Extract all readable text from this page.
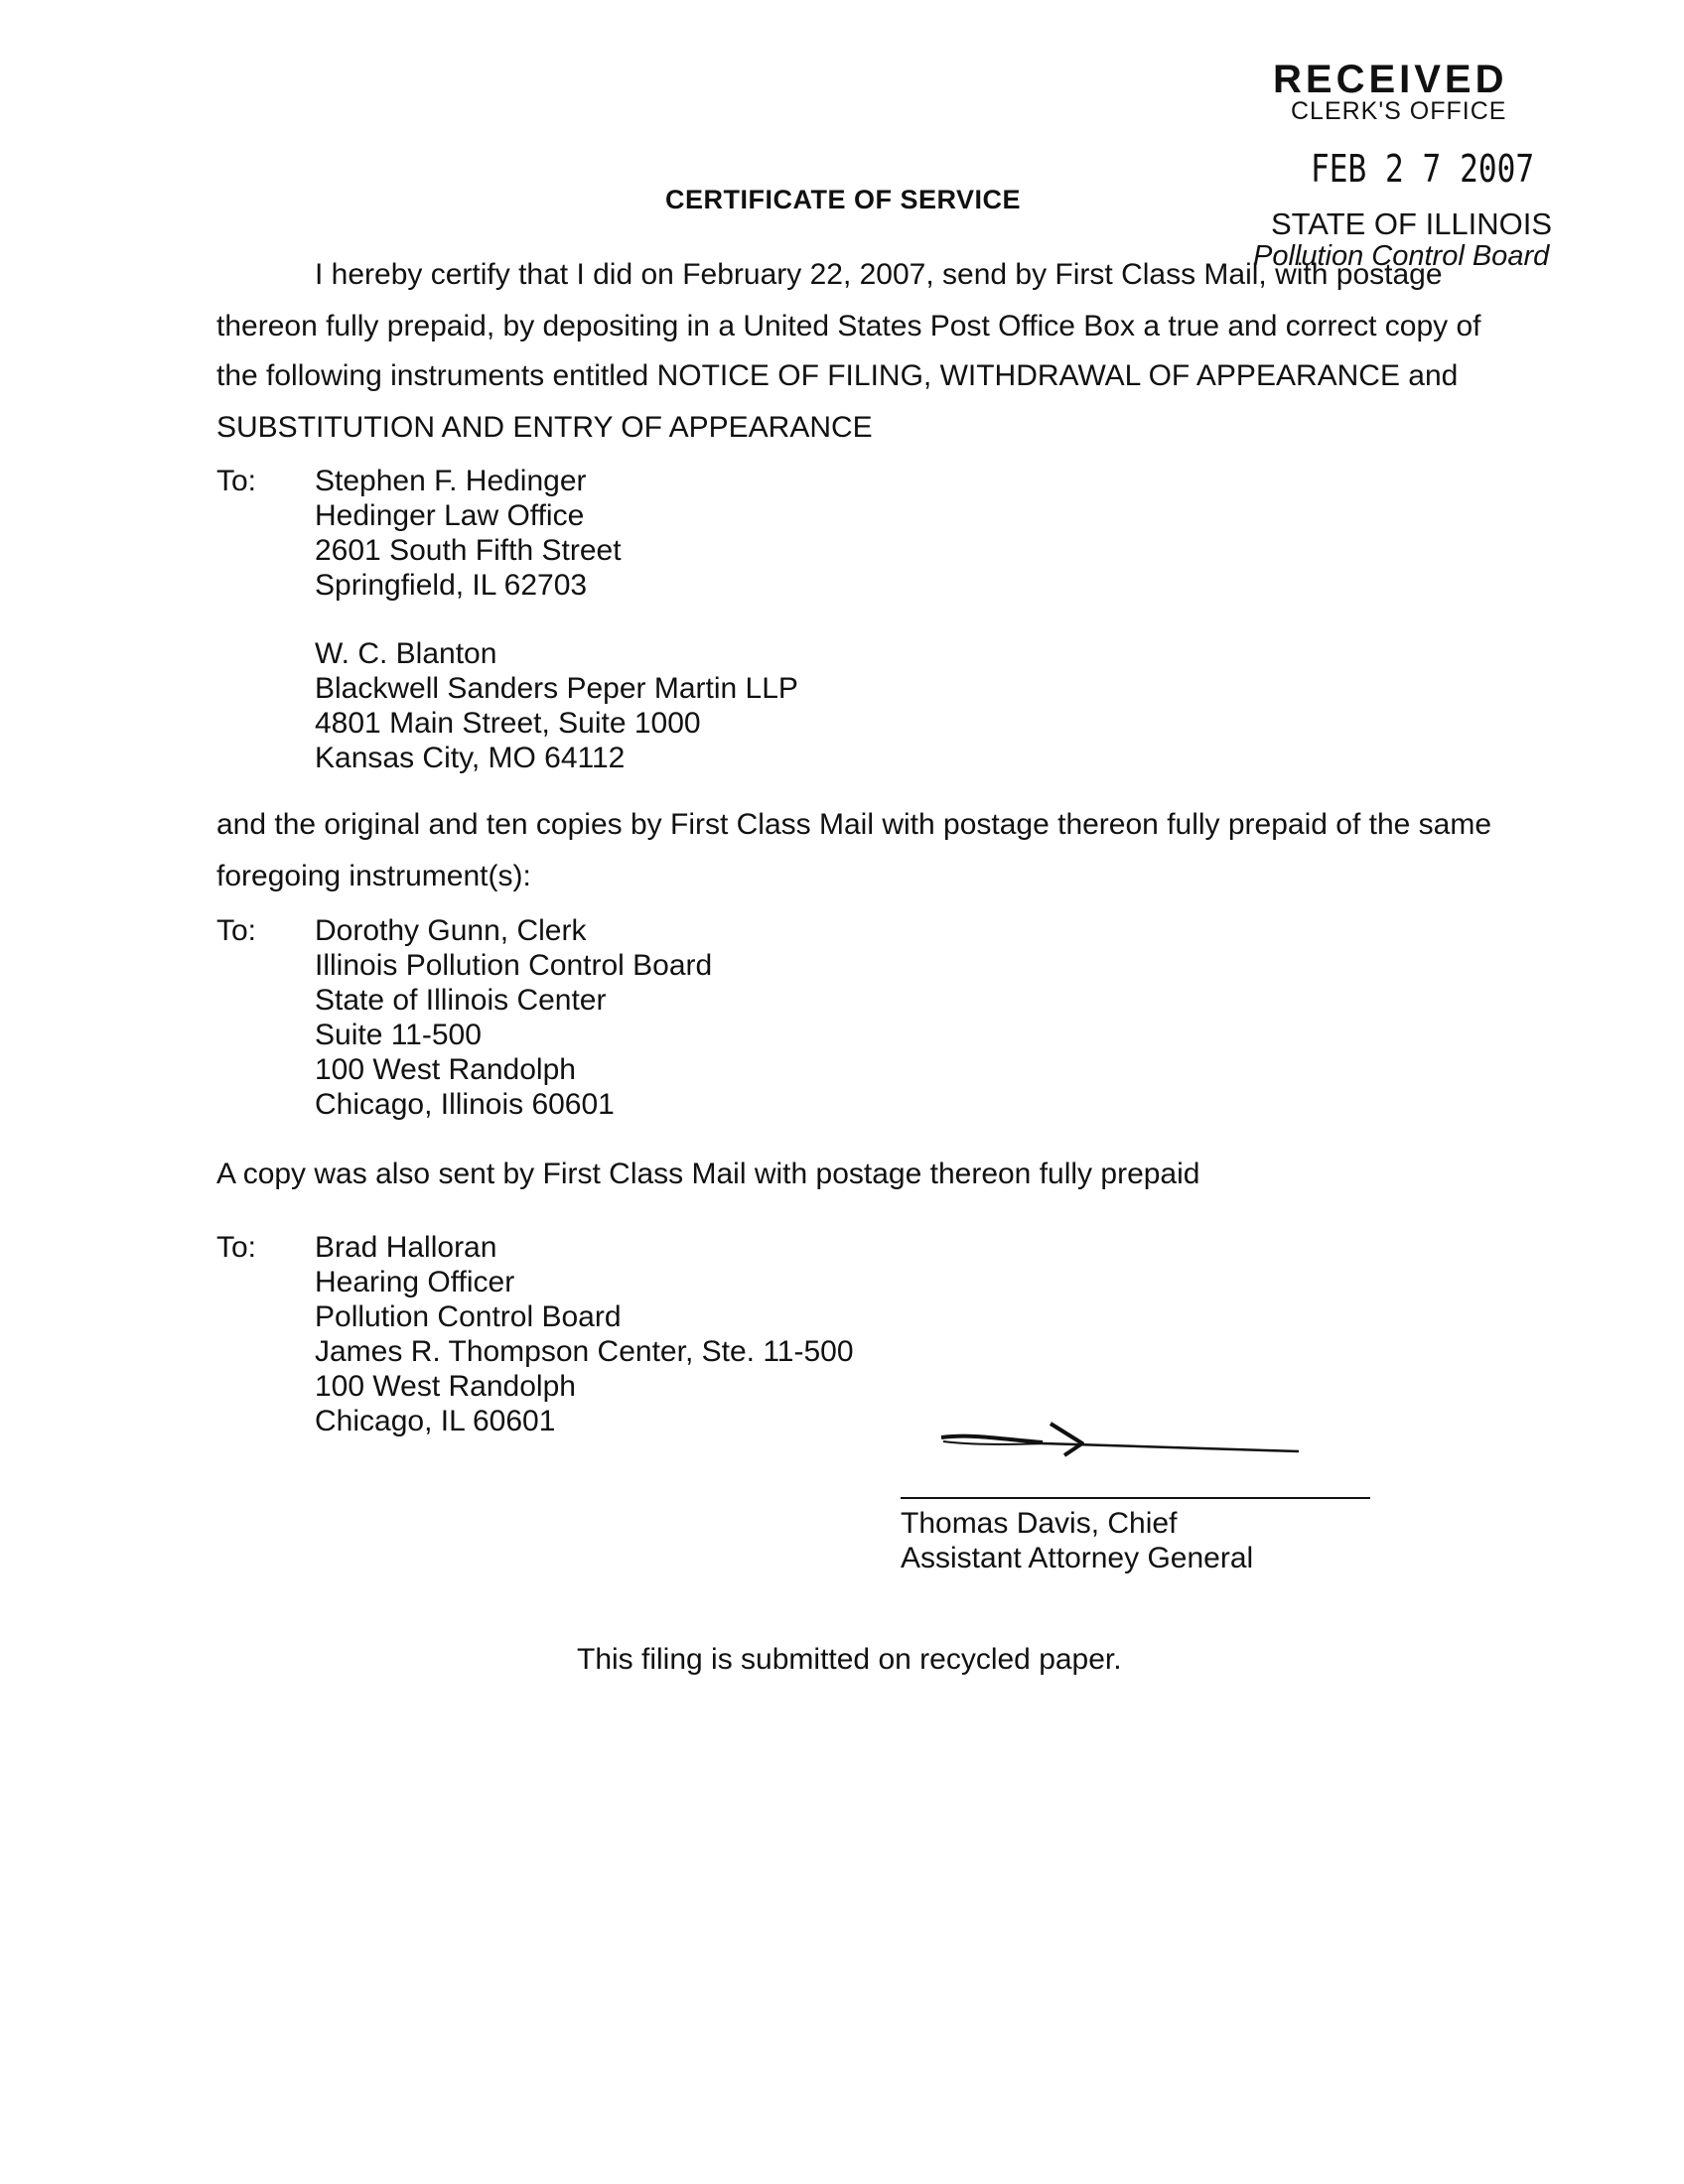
RECEIVED
CLERK'S OFFICE
FEB 2 7 2007
STATE OF ILLINOIS
Pollution Control Board
CERTIFICATE OF SERVICE
I hereby certify that I did on February 22, 2007, send by First Class Mail, with postage
thereon fully prepaid, by depositing in a United States Post Office Box a true and correct copy of
the following instruments entitled NOTICE OF FILING, WITHDRAWAL OF APPEARANCE and
SUBSTITUTION AND ENTRY OF APPEARANCE
To: Stephen F. Hedinger
Hedinger Law Office
2601 South Fifth Street
Springfield, IL 62703
W. C. Blanton
Blackwell Sanders Peper Martin LLP
4801 Main Street, Suite 1000
Kansas City, MO 64112
and the original and ten copies by First Class Mail with postage thereon fully prepaid of the same
foregoing instrument(s):
To: Dorothy Gunn, Clerk
Illinois Pollution Control Board
State of Illinois Center
Suite 11-500
100 West Randolph
Chicago, Illinois 60601
A copy was also sent by First Class Mail with postage thereon fully prepaid
To: Brad Halloran
Hearing Officer
Pollution Control Board
James R. Thompson Center, Ste. 11-500
100 West Randolph
Chicago, IL 60601
Thomas Davis, Chief
Assistant Attorney General
This filing is submitted on recycled paper.
